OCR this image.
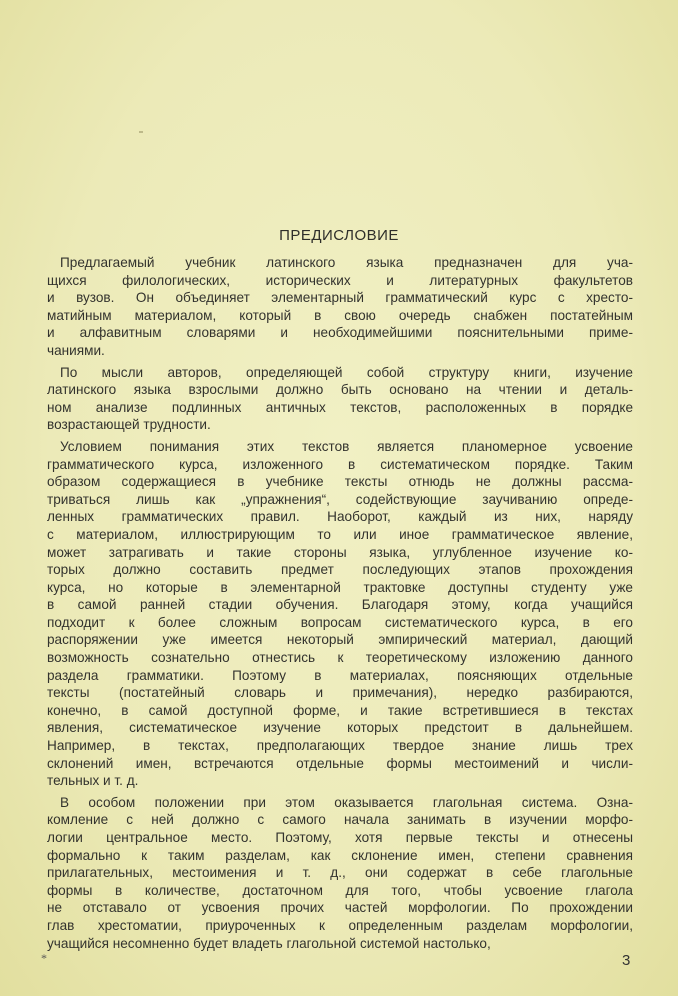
ПРЕДИСЛОВИЕ
Предлагаемый учебник латинского языка предназначен для уча-
щихся филологических, исторических и литературных факультетов
и вузов. Он объединяет элементарный грамматический курс с хресто-
матийным материалом, который в свою очередь снабжен постатейным
и алфавитным словарями и необходимейшими пояснительными приме-
чаниями.
По мысли авторов, определяющей собой структуру книги, изучение
латинского языка взрослыми должно быть основано на чтении и деталь-
ном анализе подлинных античных текстов, расположенных в порядке
возрастающей трудности.
Условием понимания этих текстов является планомерное усвоение
грамматического курса, изложенного в систематическом порядке. Таким
образом содержащиеся в учебнике тексты отнюдь не должны рассма-
триваться лишь как „упражнения“, содействующие заучиванию опреде-
ленных грамматических правил. Наоборот, каждый из них, наряду
с материалом, иллюстрирующим то или иное грамматическое явление,
может затрагивать и такие стороны языка, углубленное изучение ко-
торых должно составить предмет последующих этапов прохождения
курса, но которые в элементарной трактовке доступны студенту уже
в самой ранней стадии обучения. Благодаря этому, когда учащийся
подходит к более сложным вопросам систематического курса, в его
распоряжении уже имеется некоторый эмпирический материал, дающий
возможность сознательно отнестись к теоретическому изложению данного
раздела грамматики. Поэтому в материалах, поясняющих отдельные
тексты (постатейный словарь и примечания), нередко разбираются,
конечно, в самой доступной форме, и такие встретившиеся в текстах
явления, систематическое изучение которых предстоит в дальнейшем.
Например, в текстах, предполагающих твердое знание лишь трех
склонений имен, встречаются отдельные формы местоимений и числи-
тельных и т. д.
В особом положении при этом оказывается глагольная система. Озна-
комление с ней должно с самого начала занимать в изучении морфо-
логии центральное место. Поэтому, хотя первые тексты и отнесены
формально к таким разделам, как склонение имен, степени сравнения
прилагательных, местоимения и т. д., они содержат в себе глагольные
формы в количестве, достаточном для того, чтобы усвоение глагола
не отставало от усвоения прочих частей морфологии. По прохождении
глав хрестоматии, приуроченных к определенным разделам морфологии,
учащийся несомненно будет владеть глагольной системой настолько,
*	3
